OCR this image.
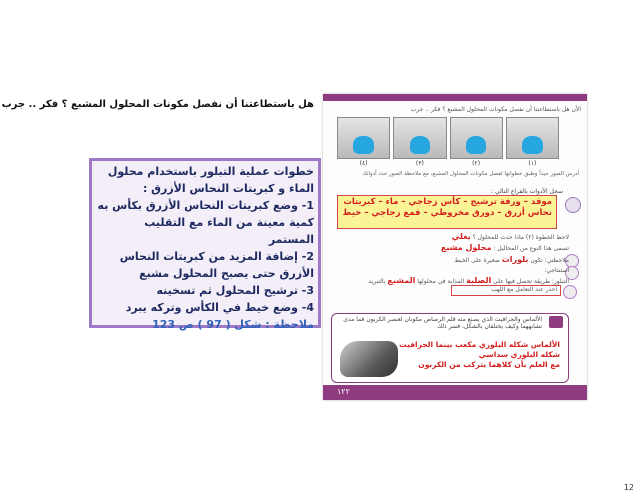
هل باستطاعتنا أن نفصل مكونات المحلول المشبع ؟ فكر .. جرب
خطوات عملية التبلور باستخدام محلول الماء و كبريتات النحاس الأزرق :
1- وضع كبريتات النحاس الأزرق بكأس به كمية معينة من الماء مع التقليب المستمر
2- إضافة المزيد من كبريتات النحاس الأزرق حتى يصبح المحلول مشبع
3- ترشيح المحلول ثم تسخينه
4- وضع خيط في الكأس وتركه يبرد
ملاحظة : شكل ( 97 ) ص 123
الأن هل باستطاعتنا أن نفصل مكونات المحلول المشبع ؟ فكر .. جرب
(١)
(٢)
(٣)
(٤)
أدرس الصور جيداً وطبق خطواتها لفصل مكونات المحلول المشبع، مع ملاحظة الصور حدد أدواتك
سجل الأدوات بالفراغ التالي :
موقد – ورقة ترشيح – كأس زجاجي – ماء – كبريتات نحاس أزرق – دورق مخروطي – قمع زجاجي – خيط
لاحظ الخطوة (٢) ماذا حدث للمحلول ؟ يغلي
تسمى هذا النوع من المحاليل : محلول مشبع
ملاحظتي: تكون بلورات صغيرة على الخيط
استنتاجي:
التبلور: طريقة نحصل فيها على الصلبة المذابة في محلولها المشبع بالتبريد
احذر عند التعامل مع اللهب
الألماس والجرافيت الذي يصنع منه قلم الرصاص مكونان لعنصر الكربون فما مدى تشابههما وكيف يختلفان بالشكل، فسر ذلك
الألماس شكله البلوري مكعب بينما الجرافيت شكله البلوري سداسي
مع العلم بأن كلاهما يتركب من الكربون
١٢٢
12
